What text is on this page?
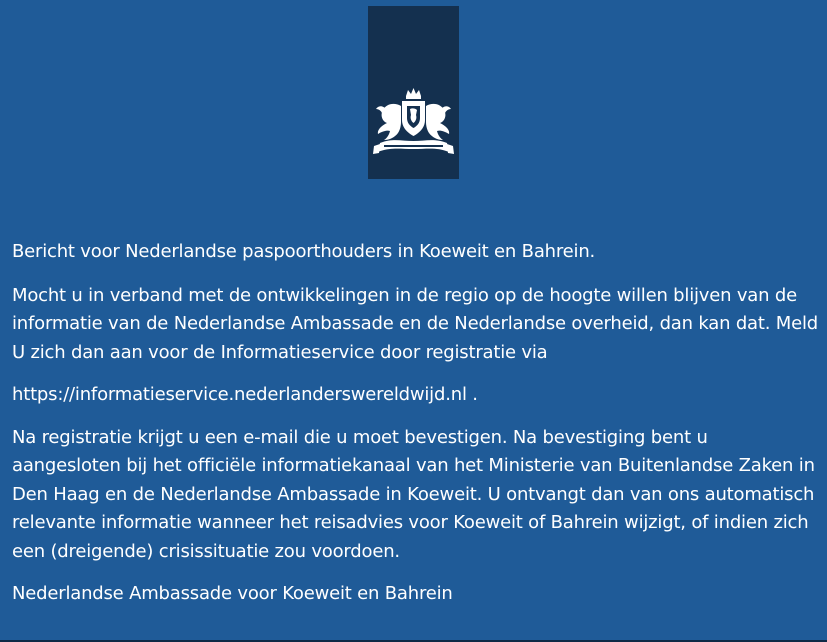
Bericht voor Nederlandse paspoorthouders in Koeweit en Bahrein.

Mocht u in verband met de ontwikkelingen in de regio op de hoogte willen blijven van de informatie van de Nederlandse Ambassade en de Nederlandse overheid, dan kan dat. Meld U zich dan aan voor de Informatieservice door registratie via

https://informatieservice.nederlanderswereldwijd.nl .

Na registratie krijgt u een e-mail die u moet bevestigen. Na bevestiging bent u aangesloten bij het officiële informatiekanaal van het Ministerie van Buitenlandse Zaken in Den Haag en de Nederlandse Ambassade in Koeweit. U ontvangt dan van ons automatisch relevante informatie wanneer het reisadvies voor Koeweit of Bahrein wijzigt, of indien zich een (dreigende) crisissituatie zou voordoen.

Nederlandse Ambassade voor Koeweit en Bahrein
